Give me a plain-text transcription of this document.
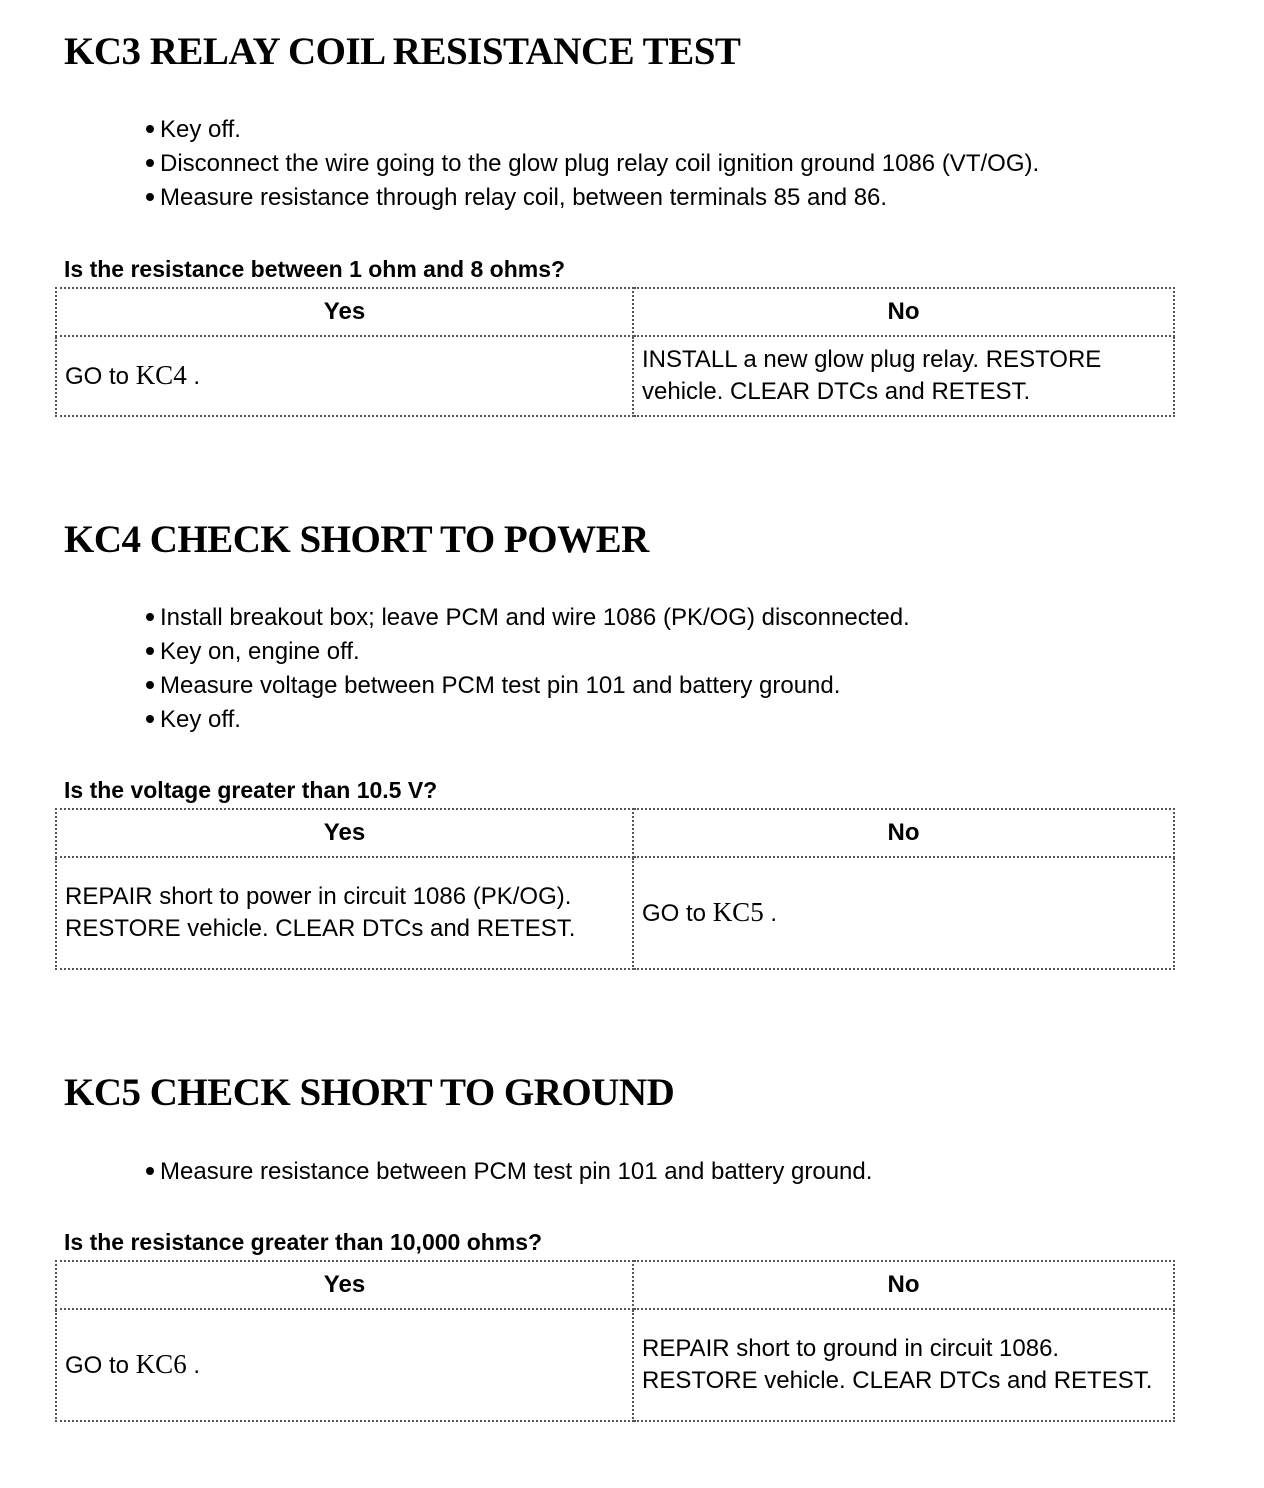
KC3 RELAY COIL RESISTANCE TEST
Key off.
Disconnect the wire going to the glow plug relay coil ignition ground 1086 (VT/OG).
Measure resistance through relay coil, between terminals 85 and 86.

Is the resistance between 1 ohm and 8 ohms?

Yes	No
GO to KC4 .	INSTALL a new glow plug relay. RESTORE vehicle. CLEAR DTCs and RETEST.
KC4 CHECK SHORT TO POWER
Install breakout box; leave PCM and wire 1086 (PK/OG) disconnected.
Key on, engine off.
Measure voltage between PCM test pin 101 and battery ground.
Key off.

Is the voltage greater than 10.5 V?

Yes	No
REPAIR short to power in circuit 1086 (PK/OG). RESTORE vehicle. CLEAR DTCs and RETEST.	GO to KC5 .
KC5 CHECK SHORT TO GROUND
Measure resistance between PCM test pin 101 and battery ground.

Is the resistance greater than 10,000 ohms?

Yes	No
GO to KC6 .	REPAIR short to ground in circuit 1086. RESTORE vehicle. CLEAR DTCs and RETEST.
